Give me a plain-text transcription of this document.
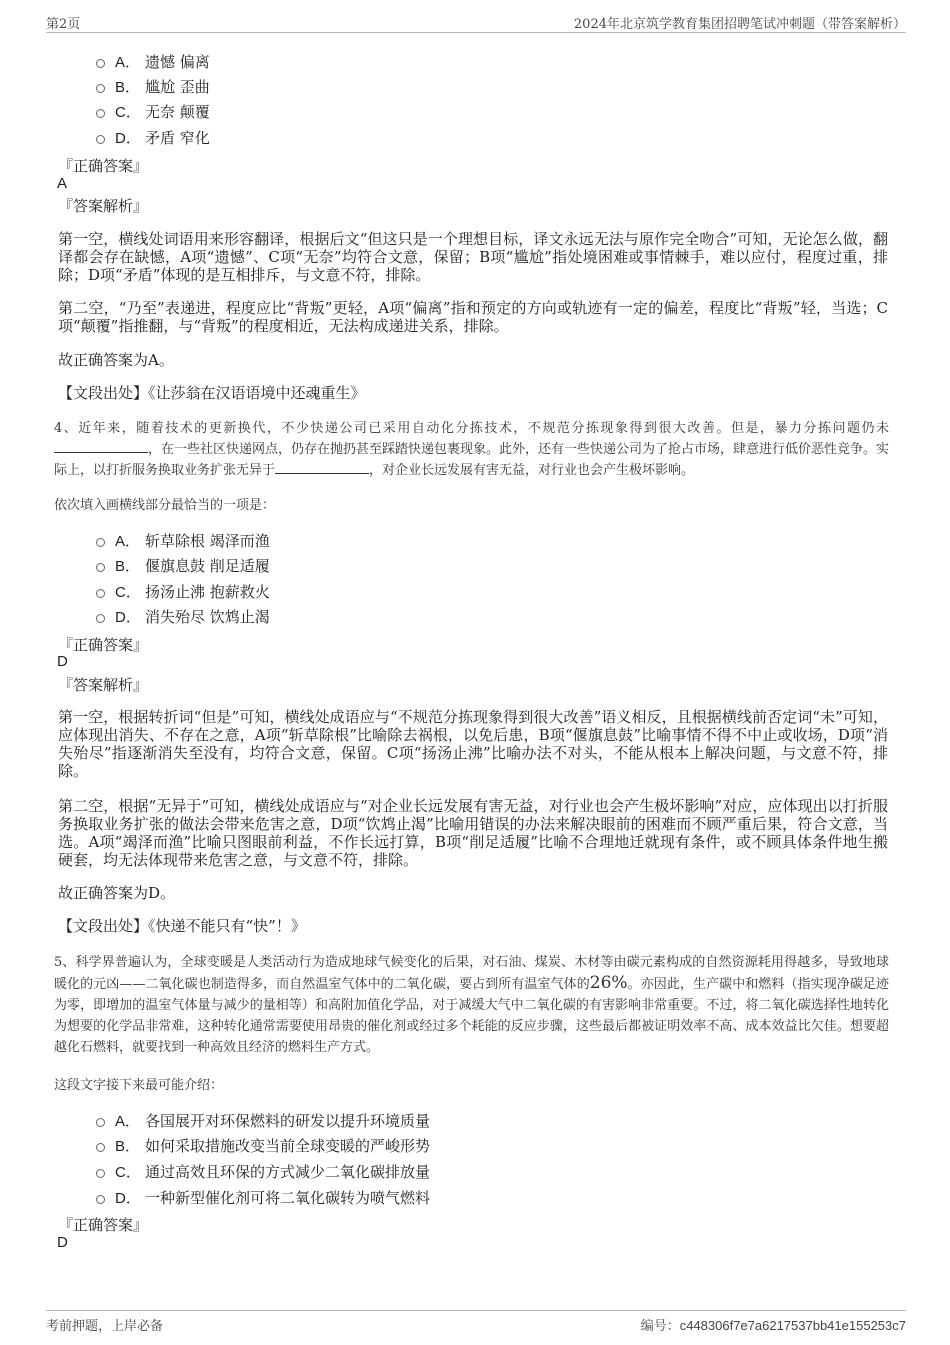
第2页	2024年北京筑学教育集团招聘笔试冲刺题（带答案解析）
A． 遗憾 偏离
B． 尴尬 歪曲
C． 无奈 颠覆
D． 矛盾 窄化
『正确答案』
A
『答案解析』
第一空，横线处词语用来形容翻译，根据后文“但这只是一个理想目标，译文永远无法与原作完全吻合”可知，无论怎么做，翻译都会存在缺憾，A项“遗憾”、C项“无奈”均符合文意，保留；B项“尴尬”指处境困难或事情棘手，难以应付，程度过重，排除；D项“矛盾”体现的是互相排斥，与文意不符，排除。
第二空，“乃至”表递进，程度应比“背叛”更轻，A项“偏离”指和预定的方向或轨迹有一定的偏差，程度比“背叛”轻，当选；C项“颠覆”指推翻，与“背叛”的程度相近，无法构成递进关系，排除。
故正确答案为A。
【文段出处】《让莎翁在汉语语境中还魂重生》
4、近年来，随着技术的更新换代，不少快递公司已采用自动化分拣技术，不规范分拣现象得到很大改善。但是，暴力分拣问题仍未，在一些社区快递网点，仍存在抛扔甚至踩踏快递包裹现象。此外，还有一些快递公司为了抢占市场，肆意进行低价恶性竞争。实际上，以打折服务换取业务扩张无异于	，对企业长远发展有害无益，对行业也会产生极坏影响。
依次填入画横线部分最恰当的一项是：
A． 斩草除根 竭泽而渔
B． 偃旗息鼓 削足适履
C． 扬汤止沸 抱薪救火
D． 消失殆尽 饮鸩止渴
『正确答案』
D
『答案解析』
第一空，根据转折词“但是”可知，横线处成语应与“不规范分拣现象得到很大改善”语义相反，且根据横线前否定词“未”可知，应体现出消失、不存在之意，A项“斩草除根”比喻除去祸根，以免后患，B项“偃旗息鼓”比喻事情不得不中止或收场，D项“消失殆尽”指逐渐消失至没有，均符合文意，保留。C项“扬汤止沸”比喻办法不对头，不能从根本上解决问题，与文意不符，排除。
第二空，根据“无异于”可知，横线处成语应与“对企业长远发展有害无益，对行业也会产生极坏影响”对应，应体现出以打折服务换取业务扩张的做法会带来危害之意，D项“饮鸩止渴”比喻用错误的办法来解决眼前的困难而不顾严重后果，符合文意，当选。A项“竭泽而渔”比喻只图眼前利益，不作长远打算，B项“削足适履”比喻不合理地迁就现有条件，或不顾具体条件地生搬硬套，均无法体现带来危害之意，与文意不符，排除。
故正确答案为D。
【文段出处】《快递不能只有“快”！》
5、科学界普遍认为，全球变暖是人类活动行为造成地球气候变化的后果，对石油、煤炭、木材等由碳元素构成的自然资源耗用得越多，导致地球暖化的元凶——二氧化碳也制造得多，而自然温室气体中的二氧化碳，要占到所有温室气体的26%。亦因此，生产碳中和燃料（指实现净碳足迹为零，即增加的温室气体量与减少的量相等）和高附加值化学品，对于减缓大气中二氧化碳的有害影响非常重要。不过，将二氧化碳选择性地转化为想要的化学品非常难，这种转化通常需要使用昂贵的催化剂或经过多个耗能的反应步骤，这些最后都被证明效率不高、成本效益比欠佳。想要超越化石燃料，就要找到一种高效且经济的燃料生产方式。
这段文字接下来最可能介绍：
A． 各国展开对环保燃料的研发以提升环境质量
B． 如何采取措施改变当前全球变暖的严峻形势
C． 通过高效且环保的方式减少二氧化碳排放量
D． 一种新型催化剂可将二氧化碳转为喷气燃料
『正确答案』
D
考前押题，上岸必备	编号：c448306f7e7a6217537bb41e155253c7
